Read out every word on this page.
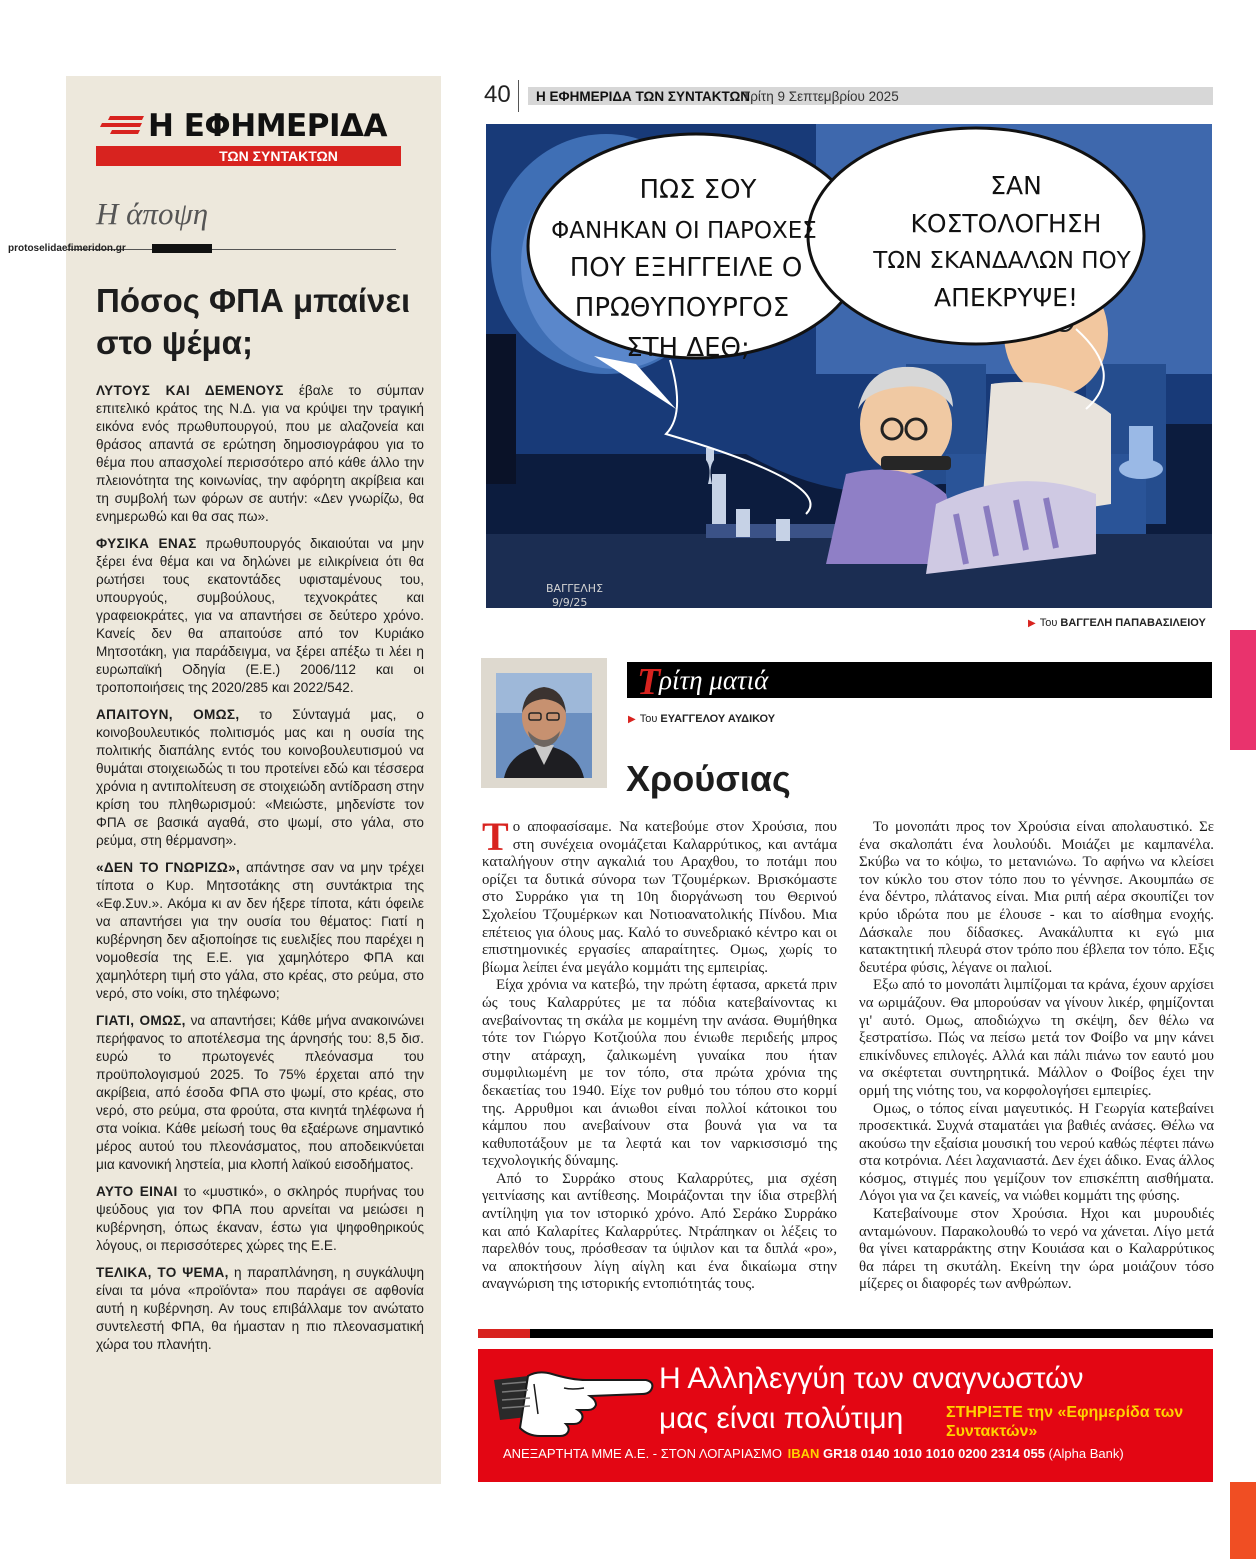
Η ΕΦΗΜΕΡΙΔΑ
ΤΩΝ ΣΥΝΤΑΚΤΩΝ
Η άποψη
Πόσος ΦΠΑ μπαίνει στο ψέμα;

ΛΥΤΟΥΣ ΚΑΙ ΔΕΜΕΝΟΥΣ έβαλε το σύμπαν επιτελικό κράτος της Ν.Δ. για να κρύψει την τραγική εικόνα ενός πρωθυπουργού, που με αλαζονεία και θράσος απαντά σε ερώτηση δημοσιογράφου για το θέμα που απασχολεί περισσότερο από κάθε άλλο την πλειονότητα της κοινωνίας, την αφόρητη ακρίβεια και τη συμβολή των φόρων σε αυτήν: «Δεν γνωρίζω, θα ενημερωθώ και θα σας πω».

ΦΥΣΙΚΑ ΕΝΑΣ πρωθυπουργός δικαιούται να μην ξέρει ένα θέμα και να δηλώνει με ειλικρίνεια ότι θα ρωτήσει τους εκατοντάδες υφισταμένους του, υπουργούς, συμβούλους, τεχνοκράτες και γραφειοκράτες, για να απαντήσει σε δεύτερο χρόνο. Κανείς δεν θα απαιτούσε από τον Κυριάκο Μητσοτάκη, για παράδειγμα, να ξέρει απέξω τι λέει η ευρωπαϊκή Οδηγία (Ε.Ε.) 2006/112 και οι τροποποιήσεις της 2020/285 και 2022/542.

ΑΠΑΙΤΟΥΝ, ΟΜΩΣ, το Σύνταγμά μας, ο κοινοβουλευτικός πολιτισμός μας και η ουσία της πολιτικής διαπάλης εντός του κοινοβουλευτισμού να θυμάται στοιχειωδώς τι του προτείνει εδώ και τέσσερα χρόνια η αντιπολίτευση σε στοιχειώδη αντίδραση στην κρίση του πληθωρισμού: «Μειώστε, μηδενίστε τον ΦΠΑ σε βασικά αγαθά, στο ψωμί, στο γάλα, στο ρεύμα, στη θέρμανση».

«ΔΕΝ ΤΟ ΓΝΩΡΙΖΩ», απάντησε σαν να μην τρέχει τίποτα ο Κυρ. Μητσοτάκης στη συντάκτρια της «Εφ.Συν.». Ακόμα κι αν δεν ήξερε τίποτα, κάτι όφειλε να απαντήσει για την ουσία του θέματος: Γιατί η κυβέρνηση δεν αξιοποίησε τις ευελιξίες που παρέχει η νομοθεσία της Ε.Ε. για χαμηλότερο ΦΠΑ και χαμηλότερη τιμή στο γάλα, στο κρέας, στο ρεύμα, στο νερό, στο νοίκι, στο τηλέφωνο;

ΓΙΑΤΙ, ΟΜΩΣ, να απαντήσει; Κάθε μήνα ανακοινώνει περήφανος το αποτέλεσμα της άρνησής του: 8,5 δισ. ευρώ το πρωτογενές πλεόνασμα του προϋπολογισμού 2025. Το 75% έρχεται από την ακρίβεια, από έσοδα ΦΠΑ στο ψωμί, στο κρέας, στο νερό, στο ρεύμα, στα φρούτα, στα κινητά τηλέφωνα ή στα νοίκια. Κάθε μείωσή τους θα εξαέρωνε σημαντικό μέρος αυτού του πλεονάσματος, που αποδεικνύεται μια κανονική ληστεία, μια κλοπή λαϊκού εισοδήματος.

ΑΥΤΟ ΕΙΝΑΙ το «μυστικό», ο σκληρός πυρήνας του ψεύδους για τον ΦΠΑ που αρνείται να μειώσει η κυβέρνηση, όπως έκαναν, έστω για ψηφοθηρικούς λόγους, οι περισσότερες χώρες της Ε.Ε.

ΤΕΛΙΚΑ, ΤΟ ΨΕΜΑ, η παραπλάνηση, η συγκάλυψη είναι τα μόνα «προϊόντα» που παράγει σε αφθονία αυτή η κυβέρνηση. Αν τους επιβάλλαμε τον ανώτατο συντελεστή ΦΠΑ, θα ήμασταν η πιο πλεονασματική χώρα του πλανήτη.

protoselidaefimeridon.gr
40 Η ΕΦΗΜΕΡΙΔΑ ΤΩΝ ΣΥΝΤΑΚΤΩΝ
Τρίτη 9 Σεπτεμβρίου 2025
ΒΑΓΓΕΛΗΣ
9/9/25
ΠΩΣ ΣΟΥ
ΦΑΝΗΚΑΝ ΟΙ ΠΑΡΟΧΕΣ
ΠΟΥ ΕΞΗΓΓΕΙΛΕ Ο
ΠΡΩΘΥΠΟΥΡΓΟΣ
ΣΤΗ ΔΕΘ;
ΣΑΝ
ΚΟΣΤΟΛΟΓΗΣΗ
ΤΩΝ ΣΚΑΝΔΑΛΩΝ ΠΟΥ
ΑΠΕΚΡΥΨΕ!
▶ Του ΒΑΓΓΕΛΗ ΠΑΠΑΒΑΣΙΛΕΙΟΥ
Τ
ρίτη ματιά
▶ Του ΕΥΑΓΓΕΛΟΥ ΑΥΔΙΚΟΥ
Χρούσιας

Το αποφασίσαμε. Να κατεβούμε στον Χρούσια, που στη συνέχεια ονομάζεται Καλαρρύτικος, και αντάμα καταλήγουν στην αγκαλιά του Αραχθου, το ποτάμι που ορίζει τα δυτικά σύνορα των Τζουμέρκων. Βρισκόμαστε στο Συρράκο για τη 10η διοργάνωση του Θερινού Σχολείου Τζουμέρκων και Νοτιοανατολικής Πίνδου. Μια επέτειος για όλους μας. Καλό το συνεδριακό κέντρο και οι επιστημονικές εργασίες απαραίτητες. Ομως, χωρίς το βίωμα λείπει ένα μεγάλο κομμάτι της εμπειρίας.

Είχα χρόνια να κατεβώ, την πρώτη έφτασα, αρκετά πριν ώς τους Καλαρρύτες με τα πόδια κατεβαίνοντας κι ανεβαίνοντας τη σκάλα με κομμένη την ανάσα. Θυμήθηκα τότε τον Γιώργο Κοτζιούλα που ένιωθε περιδεής μπρος στην ατάραχη, ζαλικωμένη γυναίκα που ήταν συμφιλιωμένη με τον τόπο, στα πρώτα χρόνια της δεκαετίας του 1940. Είχε τον ρυθμό του τόπου στο κορμί της. Αρρυθμοι και άνιωθοι είναι πολλοί κάτοικοι του κάμπου που ανεβαίνουν στα βουνά για να τα καθυποτάξουν με τα λεφτά και τον ναρκισσισμό της τεχνολογικής δύναμης.

Από το Συρράκο στους Καλαρρύτες, μια σχέση γειτνίασης και αντίθεσης. Μοιράζονται την ίδια στρεβλή αντίληψη για τον ιστορικό χρόνο. Από Σεράκο Συρράκο και από Καλαρίτες Καλαρρύτες. Ντράπηκαν οι λέξεις το παρελθόν τους, πρόσθεσαν τα ύψιλον και τα διπλά «ρο», να αποκτήσουν λίγη αίγλη και ένα δικαίωμα στην αναγνώριση της ιστορικής εντοπιότητάς τους.

Το μονοπάτι προς τον Χρούσια είναι απολαυστικό. Σε ένα σκαλοπάτι ένα λουλούδι. Μοιάζει με καμπανέλα. Σκύβω να το κόψω, το μετανιώνω. Το αφήνω να κλείσει τον κύκλο του στον τόπο που το γέννησε. Ακουμπάω σε ένα δέντρο, πλάτανος είναι. Μια ριπή αέρα σκουπίζει τον κρύο ιδρώτα που με έλουσε - και το αίσθημα ενοχής. Δάσκαλε που δίδασκες. Ανακάλυπτα κι εγώ μια κατακτητική πλευρά στον τρόπο που έβλεπα τον τόπο. Εξις δευτέρα φύσις, λέγανε οι παλιοί.

Εξω από το μονοπάτι λιμπίζομαι τα κράνα, έχουν αρχίσει να ωριμάζουν. Θα μπορούσαν να γίνουν λικέρ, φημίζονται γι' αυτό. Ομως, αποδιώχνω τη σκέψη, δεν θέλω να ξεστρατίσω. Πώς να πείσω μετά τον Φοίβο να μην κάνει επικίνδυνες επιλογές. Αλλά και πάλι πιάνω τον εαυτό μου να σκέφτεται συντηρητικά. Μάλλον ο Φοίβος έχει την ορμή της νιότης του, να κορφολογήσει εμπειρίες.

Ομως, ο τόπος είναι μαγευτικός. Η Γεωργία κατεβαίνει προσεκτικά. Συχνά σταματάει για βαθιές ανάσες. Θέλω να ακούσω την εξαίσια μουσική του νερού καθώς πέφτει πάνω στα κοτρόνια. Λέει λαχανιαστά. Δεν έχει άδικο. Ενας άλλος κόσμος, στιγμές που γεμίζουν τον επισκέπτη αισθήματα. Λόγοι για να ζει κανείς, να νιώθει κομμάτι της φύσης.

Κατεβαίνουμε στον Χρούσια. Ηχοι και μυρουδιές ανταμώνουν. Παρακολουθώ το νερό να χάνεται. Λίγο μετά θα γίνει καταρράκτης στην Κουιάσα και ο Καλαρρύτικος θα πάρει τη σκυτάλη. Εκείνη την ώρα μοιάζουν τόσο μίζερες οι διαφορές των ανθρώπων.

Η Αλληλεγγύη των αναγνωστών
μας είναι πολύτιμη	ΣΤΗΡΙΞΤΕ την «Εφημερίδα των Συντακτών»
ΑΝΕΞΑΡΤΗΤΑ ΜΜΕ Α.Ε. - ΣΤΟΝ ΛΟΓΑΡΙΑΣΜΟ IBAN GR18 0140 1010 1010 0200 2314 055 (Alpha Bank)
9/9/2025
